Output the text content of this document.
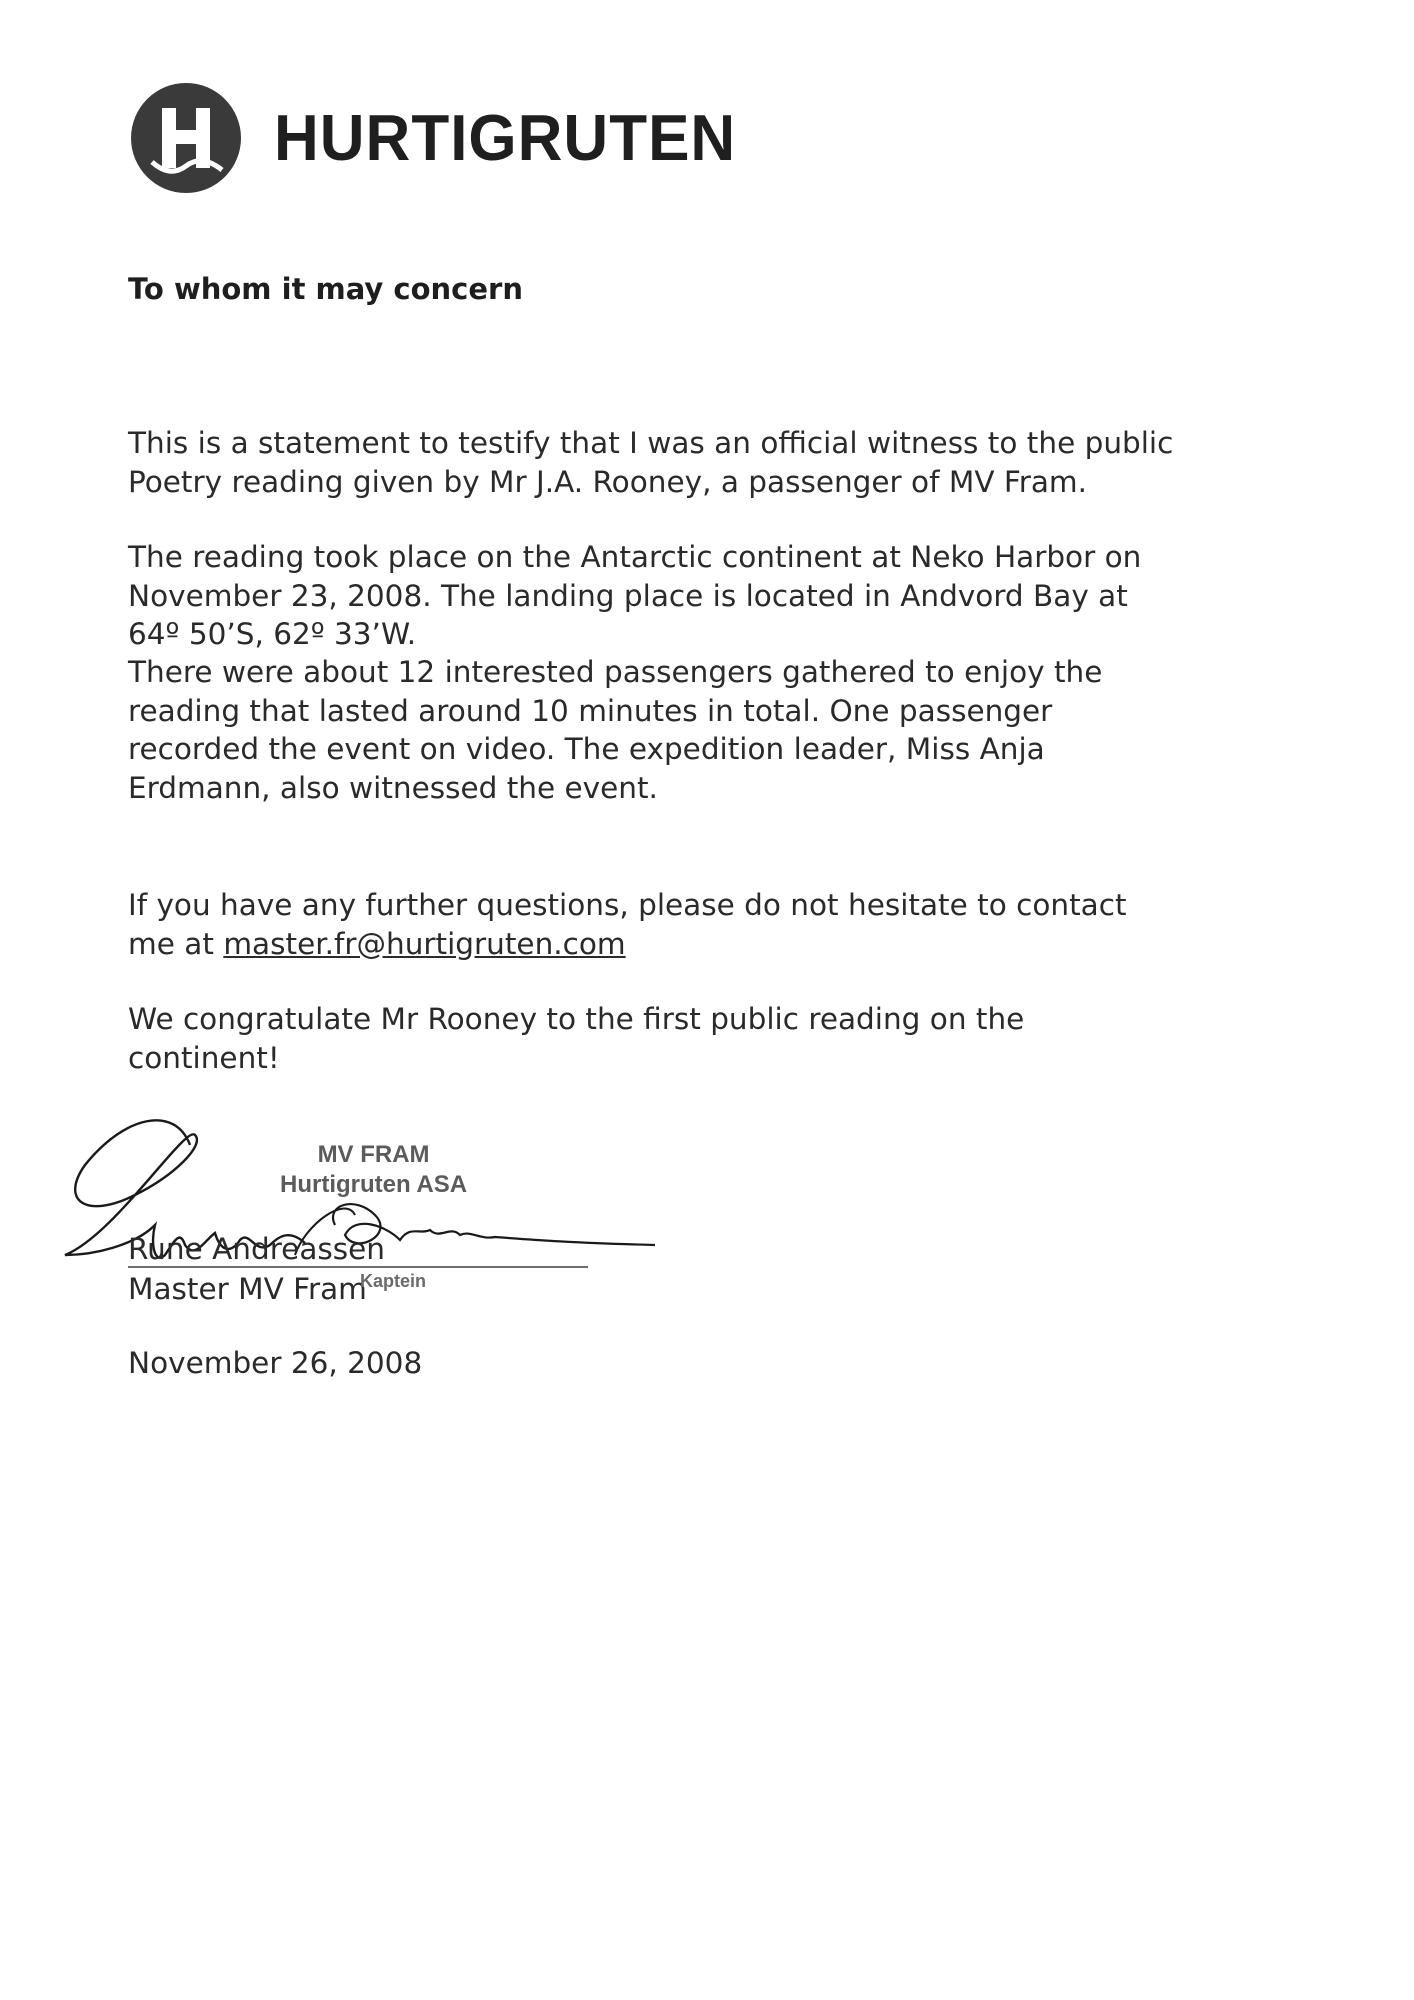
HURTIGRUTEN
To whom it may concern

This is a statement to testify that I was an official witness to the public
Poetry reading given by Mr J.A. Rooney, a passenger of MV Fram.

The reading took place on the Antarctic continent at Neko Harbor on
November 23, 2008. The landing place is located in Andvord Bay at
64º 50’S, 62º 33’W.

There were about 12 interested passengers gathered to enjoy the
reading that lasted around 10 minutes in total. One passenger
recorded the event on video. The expedition leader, Miss Anja
Erdmann, also witnessed the event.

If you have any further questions, please do not hesitate to contact
me at master.fr@hurtigruten.com

We congratulate Mr Rooney to the first public reading on the
continent!

MV FRAM
Hurtigruten ASA
Rune Andreassen
Master MV Fram
Kaptein
November 26, 2008
